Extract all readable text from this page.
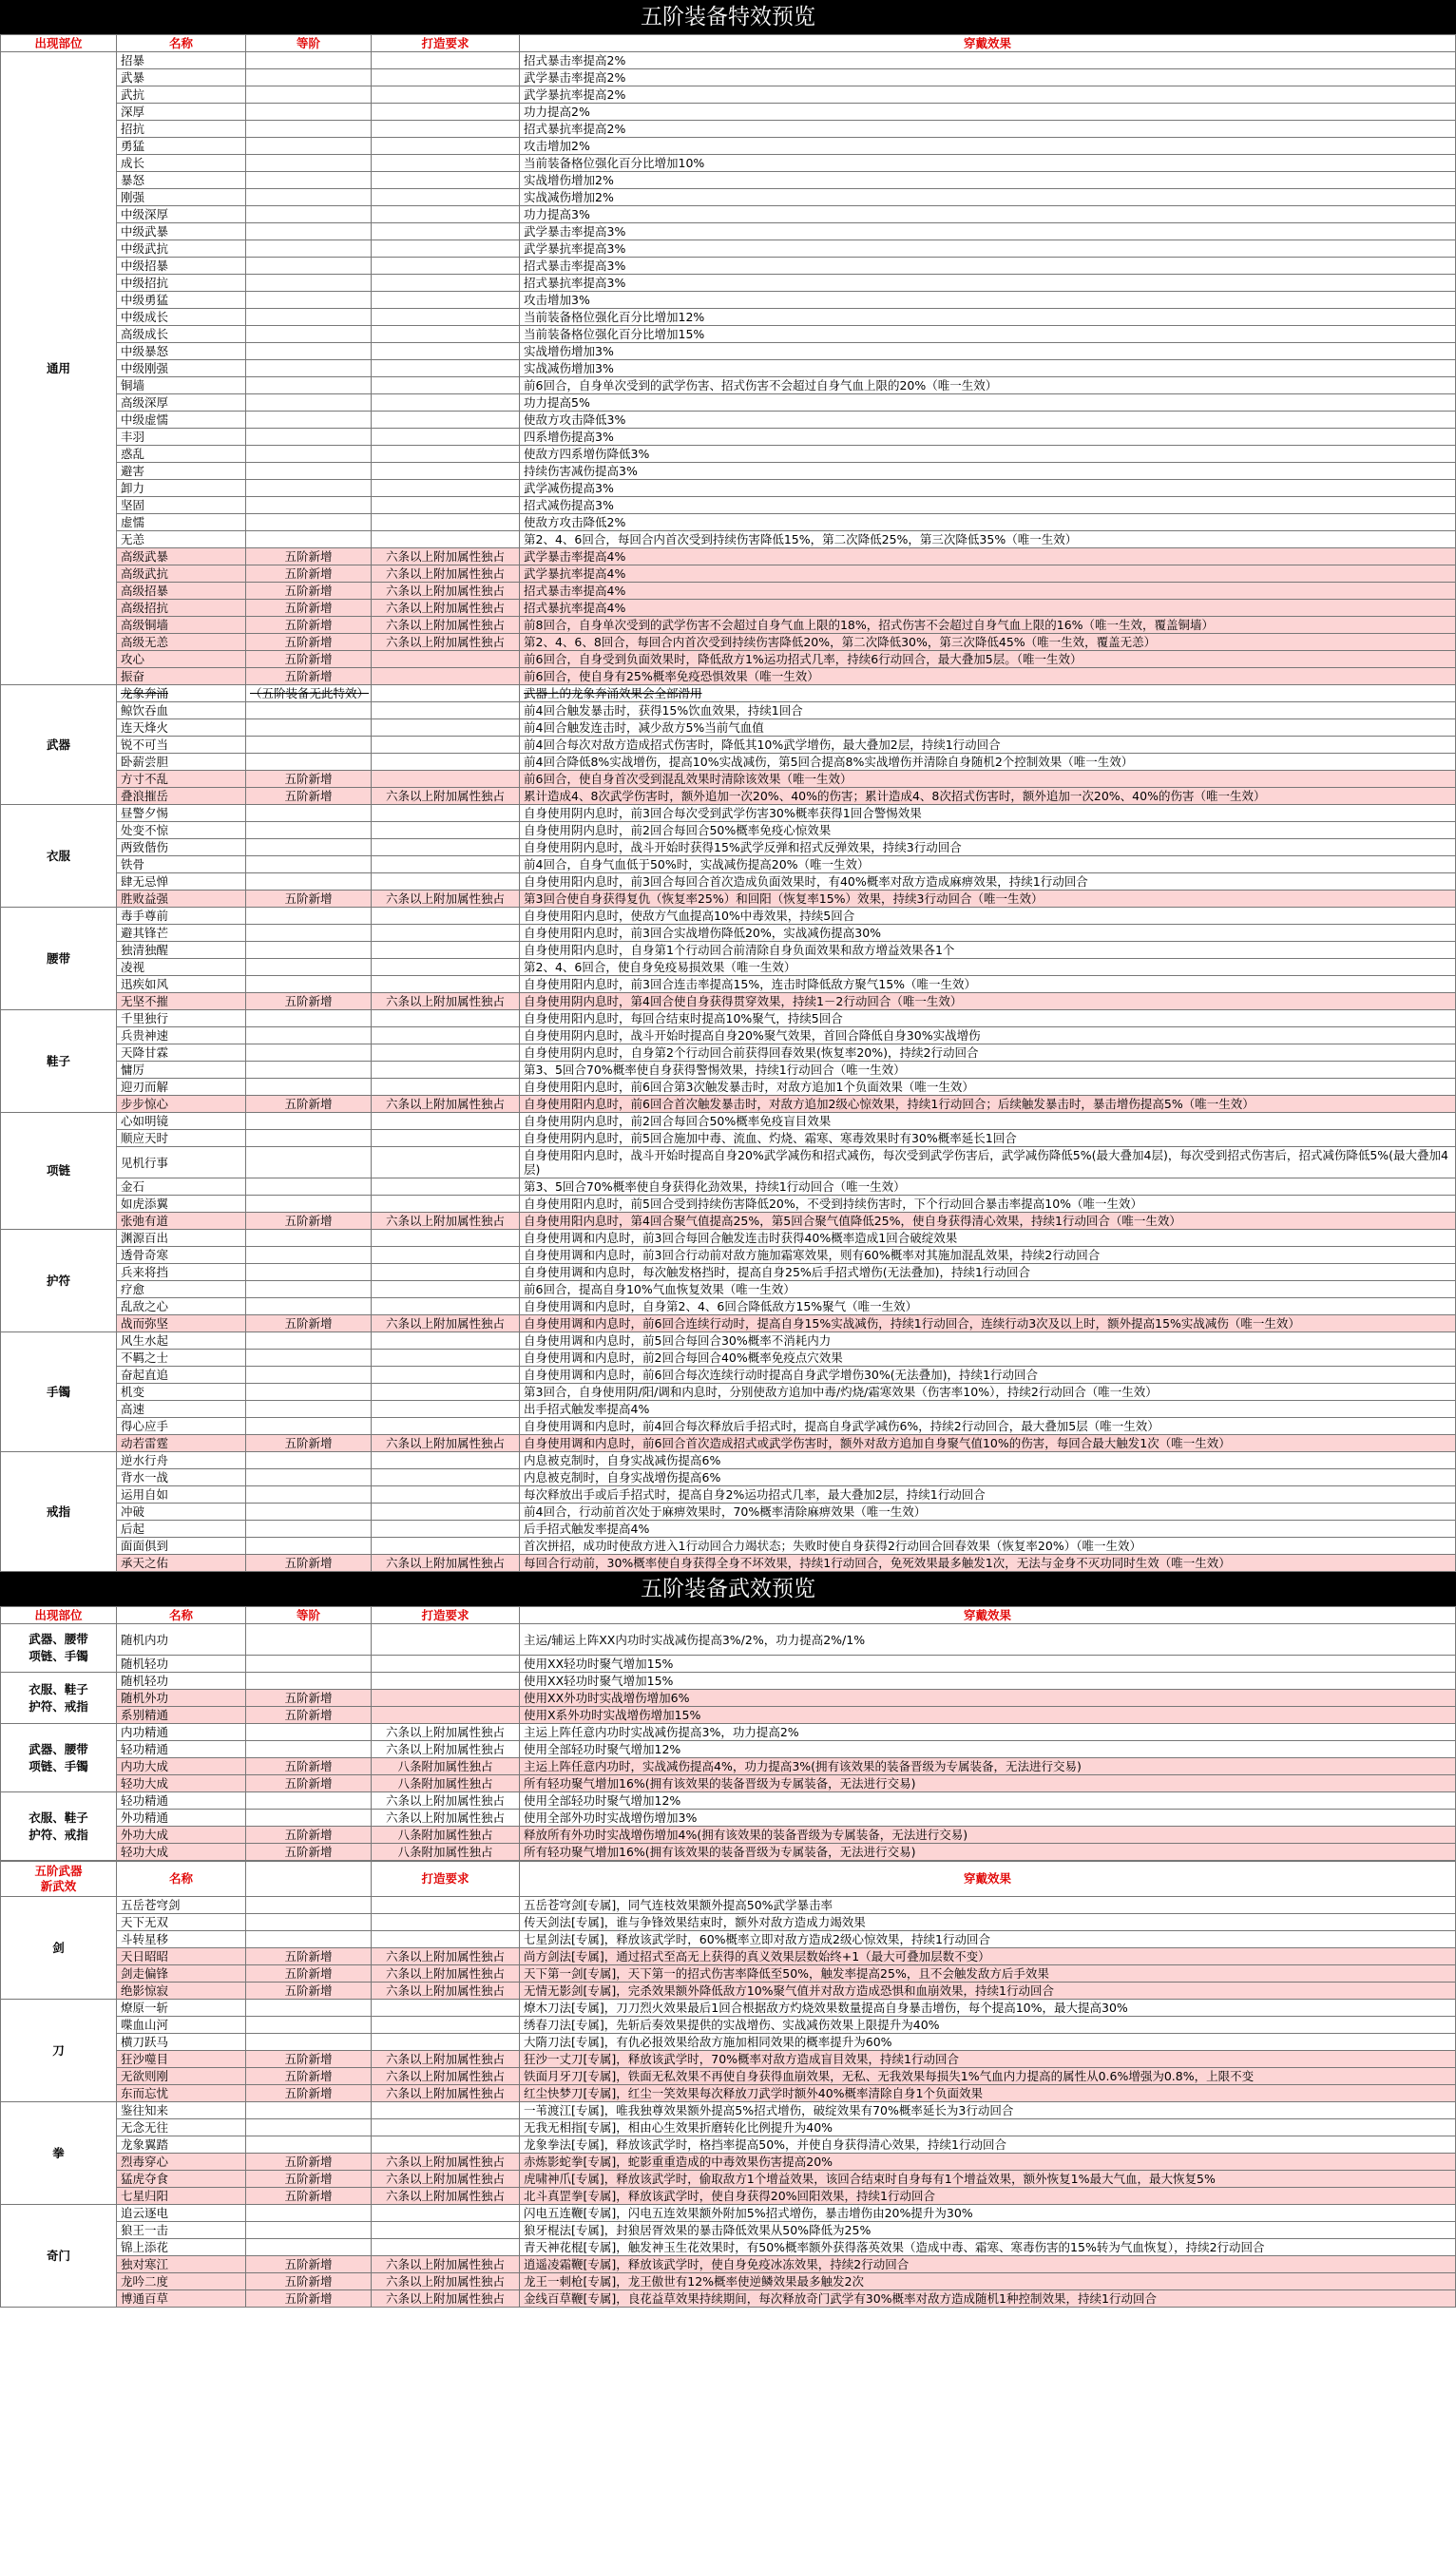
五阶装备特效预览
出现部位	名称	等阶	打造要求	穿戴效果
通用	招暴			招式暴击率提高2%
	武暴			武学暴击率提高2%
	武抗			武学暴抗率提高2%
	深厚			功力提高2%
	招抗			招式暴抗率提高2%
	勇猛			攻击增加2%
	成长			当前装备格位强化百分比增加10%
	暴怒			实战增伤增加2%
	刚强			实战减伤增加2%
	中级深厚			功力提高3%
	中级武暴			武学暴击率提高3%
	中级武抗			武学暴抗率提高3%
	中级招暴			招式暴击率提高3%
	中级招抗			招式暴抗率提高3%
	中级勇猛			攻击增加3%
	中级成长			当前装备格位强化百分比增加12%
	高级成长			当前装备格位强化百分比增加15%
	中级暴怒			实战增伤增加3%
	中级刚强			实战减伤增加3%
	铜墙			前6回合，自身单次受到的武学伤害、招式伤害不会超过自身气血上限的20%（唯一生效）
	高级深厚			功力提高5%
	中级虚懦			使敌方攻击降低3%
	丰羽			四系增伤提高3%
	惑乱			使敌方四系增伤降低3%
	避害			持续伤害减伤提高3%
	卸力			武学减伤提高3%
	坚固			招式减伤提高3%
	虚懦			使敌方攻击降低2%
	无恙			第2、4、6回合，每回合内首次受到持续伤害降低15%，第二次降低25%，第三次降低35%（唯一生效）
	高级武暴	五阶新增	六条以上附加属性独占	武学暴击率提高4%
	高级武抗	五阶新增	六条以上附加属性独占	武学暴抗率提高4%
	高级招暴	五阶新增	六条以上附加属性独占	招式暴击率提高4%
	高级招抗	五阶新增	六条以上附加属性独占	招式暴抗率提高4%
	高级铜墙	五阶新增	六条以上附加属性独占	前8回合，自身单次受到的武学伤害不会超过自身气血上限的18%，招式伤害不会超过自身气血上限的16%（唯一生效，覆盖铜墙）
	高级无恙	五阶新增	六条以上附加属性独占	第2、4、6、8回合，每回合内首次受到持续伤害降低20%，第二次降低30%，第三次降低45%（唯一生效，覆盖无恙）
	攻心	五阶新增		前6回合，自身受到负面效果时，降低敌方1%运功招式几率，持续6行动回合，最大叠加5层。（唯一生效）
	振奋	五阶新增		前6回合，使自身有25%概率免疫恐惧效果（唯一生效）
武器	龙象奔涌	（五阶装备无此特效）		武器上的龙象奔涌效果会全部滑用
	鲸饮吞血			前4回合触发暴击时，获得15%饮血效果，持续1回合
	连天烽火			前4回合触发连击时，减少敌方5%当前气血值
	锐不可当			前4回合每次对敌方造成招式伤害时，降低其10%武学增伤，最大叠加2层，持续1行动回合
	卧薪尝胆			前4回合降低8%实战增伤，提高10%实战减伤，第5回合提高8%实战增伤并清除自身随机2个控制效果（唯一生效）
	方寸不乱	五阶新增		前6回合，使自身首次受到混乱效果时清除该效果（唯一生效）
	叠浪摧岳	五阶新增	六条以上附加属性独占	累计造成4、8次武学伤害时，额外追加一次20%、40%的伤害；累计造成4、8次招式伤害时，额外追加一次20%、40%的伤害（唯一生效）
衣服	昼警夕惕			自身使用阴内息时，前3回合每次受到武学伤害30%概率获得1回合警惕效果
	处变不惊			自身使用阴内息时，前2回合每回合50%概率免疫心惊效果
	两致偕伤			自身使用阴内息时，战斗开始时获得15%武学反弹和招式反弹效果，持续3行动回合
	铁骨			前4回合，自身气血低于50%时，实战减伤提高20%（唯一生效）
	肆无忌惮			自身使用阳内息时，前3回合每回合首次造成负面效果时，有40%概率对敌方造成麻痹效果，持续1行动回合
	胜败益强	五阶新增	六条以上附加属性独占	第3回合使自身获得复仇（恢复率25%）和回阳（恢复率15%）效果，持续3行动回合（唯一生效）
腰带	毒手尊前			自身使用阳内息时，使敌方气血提高10%中毒效果，持续5回合
	避其锋芒			自身使用阳内息时，前3回合实战增伤降低20%，实战减伤提高30%
	独清独醒			自身使用阳内息时，自身第1个行动回合前清除自身负面效果和敌方增益效果各1个
	凌视			第2、4、6回合，使自身免疫易损效果（唯一生效）
	迅疾如风			自身使用阳内息时，前3回合连击率提高15%，连击时降低敌方聚气15%（唯一生效）
	无坚不摧	五阶新增	六条以上附加属性独占	自身使用阴内息时，第4回合使自身获得贯穿效果，持续1－2行动回合（唯一生效）
鞋子	千里独行			自身使用阳内息时，每回合结束时提高10%聚气，持续5回合
	兵贵神速			自身使用阴内息时，战斗开始时提高自身20%聚气效果，首回合降低自身30%实战增伤
	天降甘霖			自身使用阴内息时，自身第2个行动回合前获得回春效果(恢复率20%)，持续2行动回合
	慵厉			第3、5回合70%概率使自身获得警惕效果，持续1行动回合（唯一生效）
	迎刃而解			自身使用阳内息时，前6回合第3次触发暴击时，对敌方追加1个负面效果（唯一生效）
	步步惊心	五阶新增	六条以上附加属性独占	自身使用阳内息时，前6回合首次触发暴击时，对敌方追加2级心惊效果，持续1行动回合；后续触发暴击时，暴击增伤提高5%（唯一生效）
项链	心如明镜			自身使用阴内息时，前2回合每回合50%概率免疫盲目效果
	顺应天时			自身使用阴内息时，前5回合施加中毒、流血、灼烧、霜寒、寒毒效果时有30%概率延长1回合
	见机行事			自身使用阳内息时，战斗开始时提高自身20%武学减伤和招式减伤，每次受到武学伤害后，武学减伤降低5%(最大叠加4层)，每次受到招式伤害后，招式减伤降低5%(最大叠加4层)
	金石			第3、5回合70%概率使自身获得化劲效果，持续1行动回合（唯一生效）
	如虎添翼			自身使用阳内息时，前5回合受到持续伤害降低20%，不受到持续伤害时，下个行动回合暴击率提高10%（唯一生效）
	张弛有道	五阶新增	六条以上附加属性独占	自身使用阳内息时，第4回合聚气值提高25%，第5回合聚气值降低25%，使自身获得清心效果，持续1行动回合（唯一生效）
护符	渊源百出			自身使用调和内息时，前3回合每回合触发连击时获得40%概率造成1回合破绽效果
	透骨奇寒			自身使用调和内息时，前3回合行动前对敌方施加霜寒效果，则有60%概率对其施加混乱效果，持续2行动回合
	兵来将挡			自身使用调和内息时，每次触发格挡时，提高自身25%后手招式增伤(无法叠加)，持续1行动回合
	疗愈			前6回合，提高自身10%气血恢复效果（唯一生效）
	乱敌之心			自身使用调和内息时，自身第2、4、6回合降低敌方15%聚气（唯一生效）
	战而弥坚	五阶新增	六条以上附加属性独占	自身使用调和内息时，前6回合连续行动时，提高自身15%实战减伤，持续1行动回合，连续行动3次及以上时，额外提高15%实战减伤（唯一生效）
手镯	风生水起			自身使用调和内息时，前5回合每回合30%概率不消耗内力
	不羁之士			自身使用调和内息时，前2回合每回合40%概率免疫点穴效果
	奋起直追			自身使用调和内息时，前6回合每次连续行动时提高自身武学增伤30%(无法叠加)，持续1行动回合
	机变			第3回合，自身使用阴/阳/调和内息时，分别使敌方追加中毒/灼烧/霜寒效果（伤害率10%），持续2行动回合（唯一生效）
	高速			出手招式触发率提高4%
	得心应手			自身使用调和内息时，前4回合每次释放后手招式时，提高自身武学减伤6%，持续2行动回合，最大叠加5层（唯一生效）
	动若雷霆	五阶新增	六条以上附加属性独占	自身使用调和内息时，前6回合首次造成招式或武学伤害时，额外对敌方追加自身聚气值10%的伤害，每回合最大触发1次（唯一生效）
戒指	逆水行舟			内息被克制时，自身实战减伤提高6%
	背水一战			内息被克制时，自身实战增伤提高6%
	运用自如			每次释放出手或后手招式时，提高自身2%运功招式几率，最大叠加2层，持续1行动回合
	冲破			前4回合，行动前首次处于麻痹效果时，70%概率清除麻痹效果（唯一生效）
	后起			后手招式触发率提高4%
	面面俱到			首次拼招，成功时使敌方进入1行动回合力竭状态；失败时使自身获得2行动回合回春效果（恢复率20%）（唯一生效）
	承天之佑	五阶新增	六条以上附加属性独占	每回合行动前，30%概率使自身获得全身不坏效果，持续1行动回合，免死效果最多触发1次，无法与金身不灭功同时生效（唯一生效）
五阶装备武效预览
出现部位	名称	等阶	打造要求	穿戴效果
武器、腰带
项链、手镯	随机内功			主运/辅运上阵XX内功时实战减伤提高3%/2%，功力提高2%/1%
	随机轻功			使用XX轻功时聚气增加15%
衣服、鞋子
护符、戒指	随机轻功			使用XX轻功时聚气增加15%
	随机外功	五阶新增		使用XX外功时实战增伤增加6%
	系别精通	五阶新增		使用X系外功时实战增伤增加15%
武器、腰带
项链、手镯	内功精通		六条以上附加属性独占	主运上阵任意内功时实战减伤提高3%，功力提高2%
	轻功精通		六条以上附加属性独占	使用全部轻功时聚气增加12%
	内功大成	五阶新增	八条附加属性独占	主运上阵任意内功时，实战减伤提高4%，功力提高3%(拥有该效果的装备晋级为专属装备，无法进行交易)
	轻功大成	五阶新增	八条附加属性独占	所有轻功聚气增加16%(拥有该效果的装备晋级为专属装备，无法进行交易)
衣服、鞋子
护符、戒指	轻功精通		六条以上附加属性独占	使用全部轻功时聚气增加12%
	外功精通		六条以上附加属性独占	使用全部外功时实战增伤增加3%
	外功大成	五阶新增	八条附加属性独占	释放所有外功时实战增伤增加4%(拥有该效果的装备晋级为专属装备，无法进行交易)
	轻功大成	五阶新增	八条附加属性独占	所有轻功聚气增加16%(拥有该效果的装备晋级为专属装备，无法进行交易)
五阶武器
新武效	名称		打造要求	穿戴效果
剑	五岳苍穹剑			五岳苍穹剑[专属]，同气连枝效果额外提高50%武学暴击率
	天下无双			传天剑法[专属]，谁与争锋效果结束时，额外对敌方造成力竭效果
	斗转星移			七星剑法[专属]，释放该武学时，60%概率立即对敌方造成2级心惊效果，持续1行动回合
	天日昭昭	五阶新增	六条以上附加属性独占	尚方剑法[专属]，通过招式至高无上获得的真义效果层数始终+1（最大可叠加层数不变）
	剑走偏锋	五阶新增	六条以上附加属性独占	天下第一剑[专属]，天下第一的招式伤害率降低至50%，触发率提高25%，且不会触发敌方后手效果
	绝影惊寂	五阶新增	六条以上附加属性独占	无情无影剑[专属]，完杀效果额外降低敌方10%聚气值并对敌方造成恐惧和血崩效果，持续1行动回合
刀	燎原一斩			燎木刀法[专属]，刀刀烈火效果最后1回合根据敌方灼烧效果数量提高自身暴击增伤，每个提高10%，最大提高30%
	喋血山河			绣春刀法[专属]，先斩后奏效果提供的实战增伤、实战减伤效果上限提升为40%
	横刀跃马			大隋刀法[专属]，有仇必报效果给敌方施加相同效果的概率提升为60%
	狂沙噬目	五阶新增	六条以上附加属性独占	狂沙一丈刀[专属]，释放该武学时，70%概率对敌方造成盲目效果，持续1行动回合
	无欲则刚	五阶新增	六条以上附加属性独占	铁面月牙刀[专属]，铁面无私效果不再使自身获得血崩效果，无私、无我效果每损失1%气血内力提高的属性从0.6%增强为0.8%，上限不变
	东而忘忧	五阶新增	六条以上附加属性独占	红尘快梦刀[专属]，红尘一笑效果每次释放刀武学时额外40%概率清除自身1个负面效果
拳	鉴往知来			一苇渡江[专属]，唯我独尊效果额外提高5%招式增伤，破绽效果有70%概率延长为3行动回合
	无念无往			无我无相指[专属]，相由心生效果折磨转化比例提升为40%
	龙象翼踏			龙象拳法[专属]，释放该武学时，格挡率提高50%，并使自身获得清心效果，持续1行动回合
	烈毒穿心	五阶新增	六条以上附加属性独占	赤炼影蛇拳[专属]，蛇影重重造成的中毒效果伤害提高20%
	猛虎夺食	五阶新增	六条以上附加属性独占	虎啸神爪[专属]，释放该武学时，偷取敌方1个增益效果，该回合结束时自身每有1个增益效果，额外恢复1%最大气血，最大恢复5%
	七星归阳	五阶新增	六条以上附加属性独占	北斗真罡拳[专属]，释放该武学时，使自身获得20%回阳效果，持续1行动回合
奇门	追云逐电			闪电五连鞭[专属]，闪电五连效果额外附加5%招式增伤，暴击增伤由20%提升为30%
	狼王一击			狼牙棍法[专属]，封狼居胥效果的暴击降低效果从50%降低为25%
	锦上添花			青天神花棍[专属]，触发神玉生花效果时，有50%概率额外获得落英效果（造成中毒、霜寒、寒毒伤害的15%转为气血恢复），持续2行动回合
	独对寒江	五阶新增	六条以上附加属性独占	逍遥凌霜鞭[专属]，释放该武学时，使自身免疫冰冻效果，持续2行动回合
	龙吟二度	五阶新增	六条以上附加属性独占	龙王一刺枪[专属]，龙王傲世有12%概率使逆鳞效果最多触发2次
	博通百草	五阶新增	六条以上附加属性独占	金线百草鞭[专属]，良花益草效果持续期间，每次释放奇门武学有30%概率对敌方造成随机1种控制效果，持续1行动回合
